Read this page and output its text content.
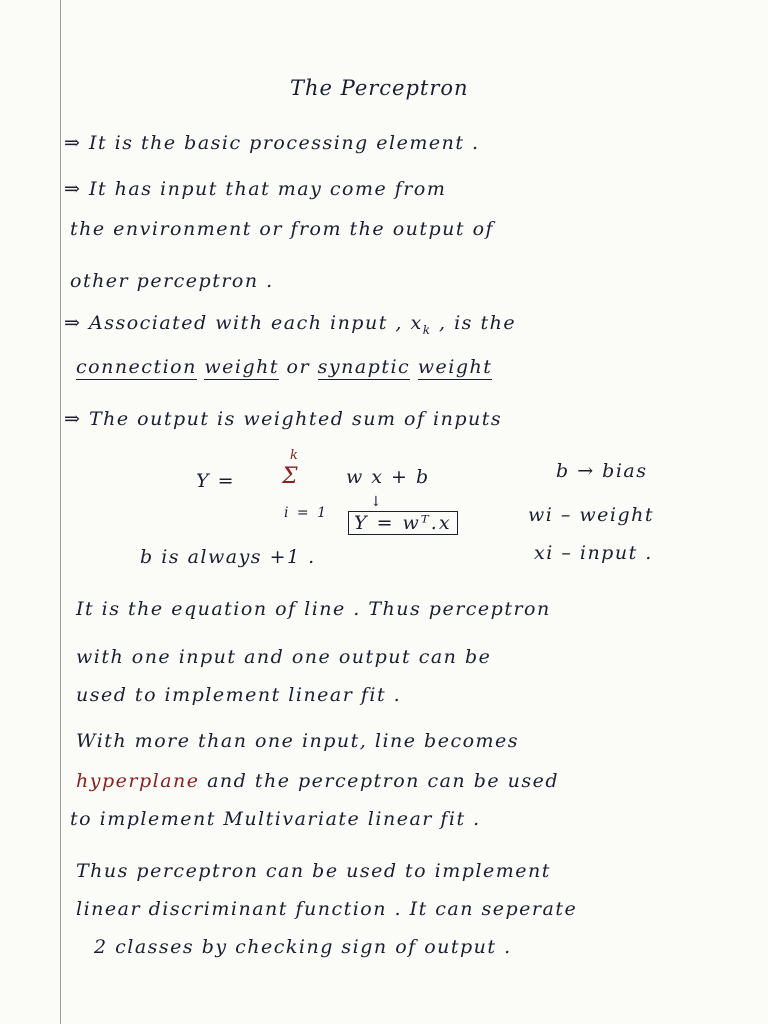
The Perceptron
⇒ It is the basic processing element .
⇒ It has input that may come from
the environment or from the output of
other perceptron .
⇒ Associated with each input , $x_k$ , is the
connection weight or synaptic weight
⇒ The output is weighted sum of inputs
Y =
k
Σ
i = 1
w x + b
↓
Y = wᵀ.x
b is always +1 .
b → bias
wi – weight
xi – input .
It is the equation of line . Thus perceptron
with one input and one output can be
used to implement linear fit .
With more than one input, line becomes
hyperplane and the perceptron can be used
to implement Multivariate linear fit .
Thus perceptron can be used to implement
linear discriminant function . It can seperate
2 classes by checking sign of output .
